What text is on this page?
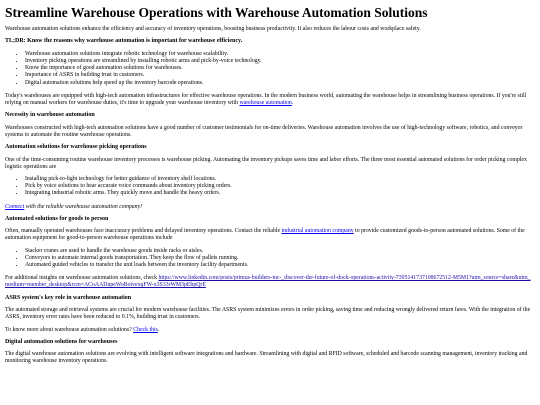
Streamline Warehouse Operations with Warehouse Automation Solutions

Warehouse automation solutions enhance the efficiency and accuracy of inventory operations, boosting business productivity. It also reduces the labour costs and workplace safety.

TL;DR: Know the reasons why warehouse automation is important for warehouse efficiency.
• Warehouse automation solutions integrate robotic technology for warehouse scalability.
• Inventory picking operations are streamlined by installing robotic arms and pick-by-voice technology.
• Know the importance of good automation solutions for warehouses.
• Importance of ASRS in building trust in customers.
• Digital automation solutions help speed up the inventory barcode operations.

Today's warehouses are equipped with high-tech automation infrastructures for effective warehouse operations. In the modern business world, automating the warehouse helps in streamlining business operations. If you're still relying on manual workers for warehouse duties, it's time to upgrade your warehouse inventory with warehouse automation.

Necessity in warehouse automation

Warehouses constructed with high-tech automation solutions have a good number of customer testimonials for on-time deliveries. Warehouse automation involves the use of high-technology software, robotics, and conveyor systems to automate the routine warehouse operations.

Automation solutions for warehouse picking operations

One of the time-consuming routine warehouse inventory processes is warehouse picking. Automating the inventory pickups saves time and labor efforts. The three most essential automated solutions for order picking complex logistic operations are

• Installing pick-to-light technology for better guidance of inventory shelf locations.
• Pick by voice solutions to hear accurate voice commands about inventory picking orders.
• Integrating industrial robotic arms. They quickly move and handle the heavy orders.

Connect with the reliable warehouse automation company!

Automated solutions for goods to person

Often, manually operated warehouses face inaccuracy problems and delayed inventory operations. Contact the reliable industrial automation company to provide customized goods-to-person automated solutions. Some of the automation equipment for good-to-person warehouse operations include

• Stacker cranes are used to handle the warehouse goods inside racks or aisles.
• Conveyors to automate internal goods transportation. They keep the flow of pallets running.
• Automated guided vehicles to transfer the unit loads between the inventory facility departments.

For additional insights on warehouse automation solutions, check https://www.linkedin.com/posts/primus-builders-inc-_discover-the-future-of-dock-operations-activity-7395141737108672512-M5M1?utm_source=share&utm_medium=member_desktop&rcm=ACoAADupeWoBoivexqFW-x3S33rWM3pEhpQrE

ASRS system's key role in warehouse automation

The automated storage and retrieval systems are crucial for modern warehouse facilities. The ASRS system minimizes errors in order picking, saving time and reducing wrongly delivered return fares. With the integration of the ASRS, inventory error rates have been reduced to 0.1%, building trust in customers.

To know more about warehouse automation solutions? Check this.

Digital automation solutions for warehouses

The digital warehouse automation solutions are evolving with intelligent software integrations and hardware. Streamlining with digital and RFID software, scheduled and barcode scanning management, inventory tracking and monitoring warehouse inventory operations.
